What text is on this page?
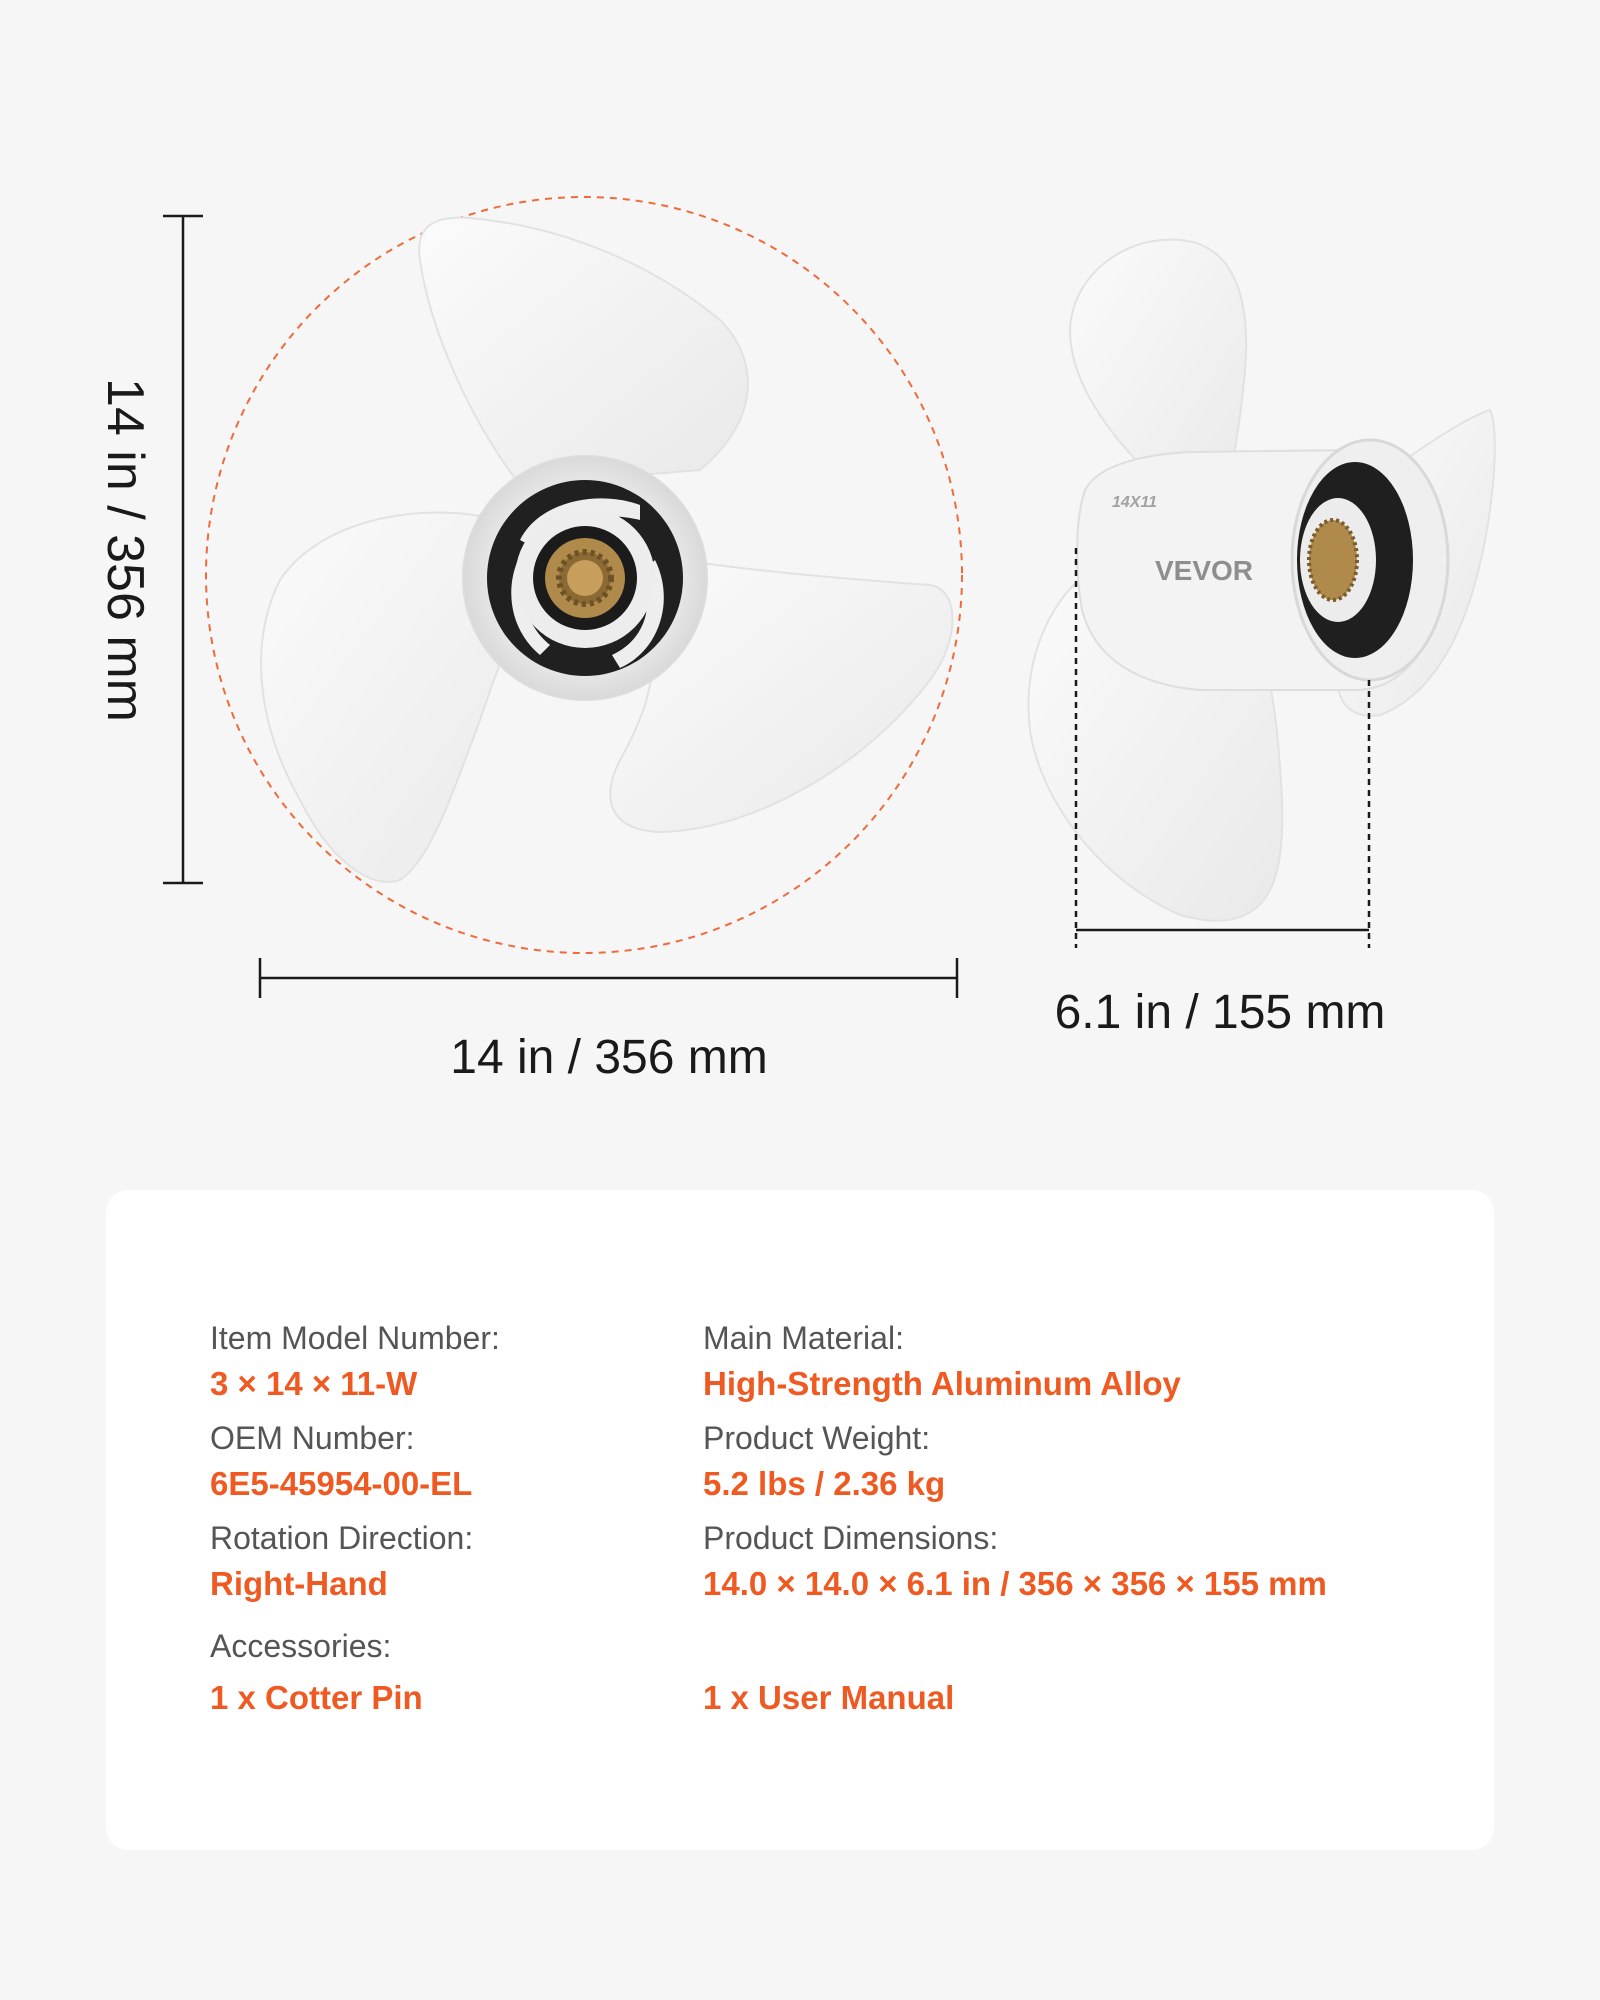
VEVOR
14X11
14 in / 356 mm
14 in / 356 mm
6.1 in / 155 mm
Item Model Number:
3 × 14 × 11-W
OEM Number:
6E5-45954-00-EL
Rotation Direction:
Right-Hand
Accessories:
1 x Cotter Pin
Main Material:
High-Strength Aluminum Alloy
Product Weight:
5.2 lbs / 2.36 kg
Product Dimensions:
14.0 × 14.0 × 6.1 in / 356 × 356 × 155 mm
1 x User Manual
